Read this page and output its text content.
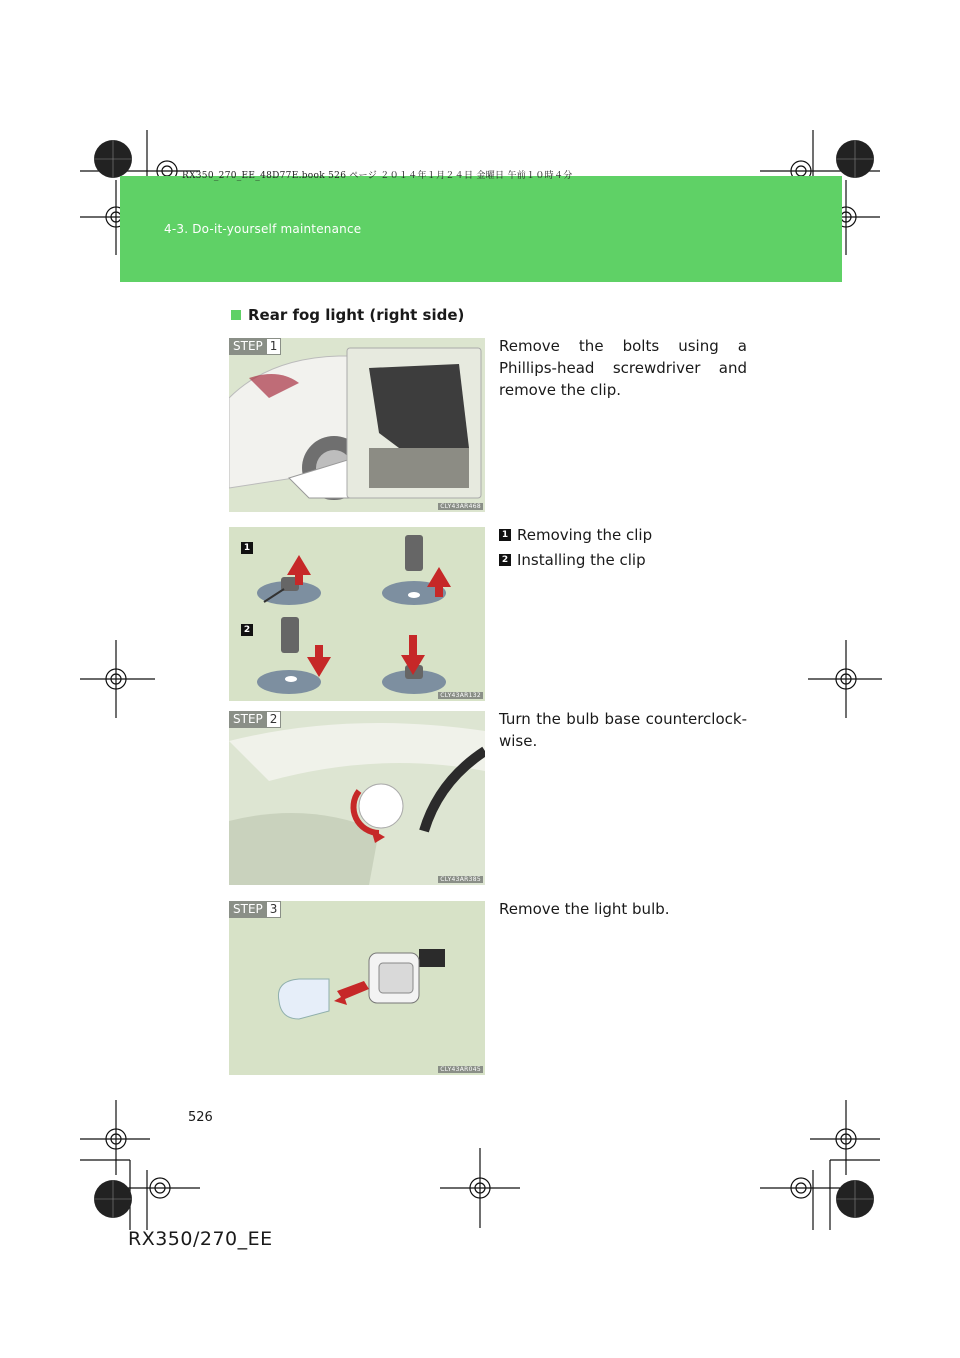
RX350_270_EE_48D77E.book 526 ページ ２０１４年１月２４日 金曜日 午前１０時４分
4-3. Do-it-yourself maintenance
Rear fog light (right side)
STEP 1
CLY43AR468
Remove the bolts using a Phillips-head screwdriver and remove the clip.
1
2
CLY43AR132
1 Removing the clip
2 Installing the clip
STEP 2
CLY43AR385
Turn the bulb base counterclock-wise.
STEP 3
CLY43AR045
Remove the light bulb.
526
RX350/270_EE
